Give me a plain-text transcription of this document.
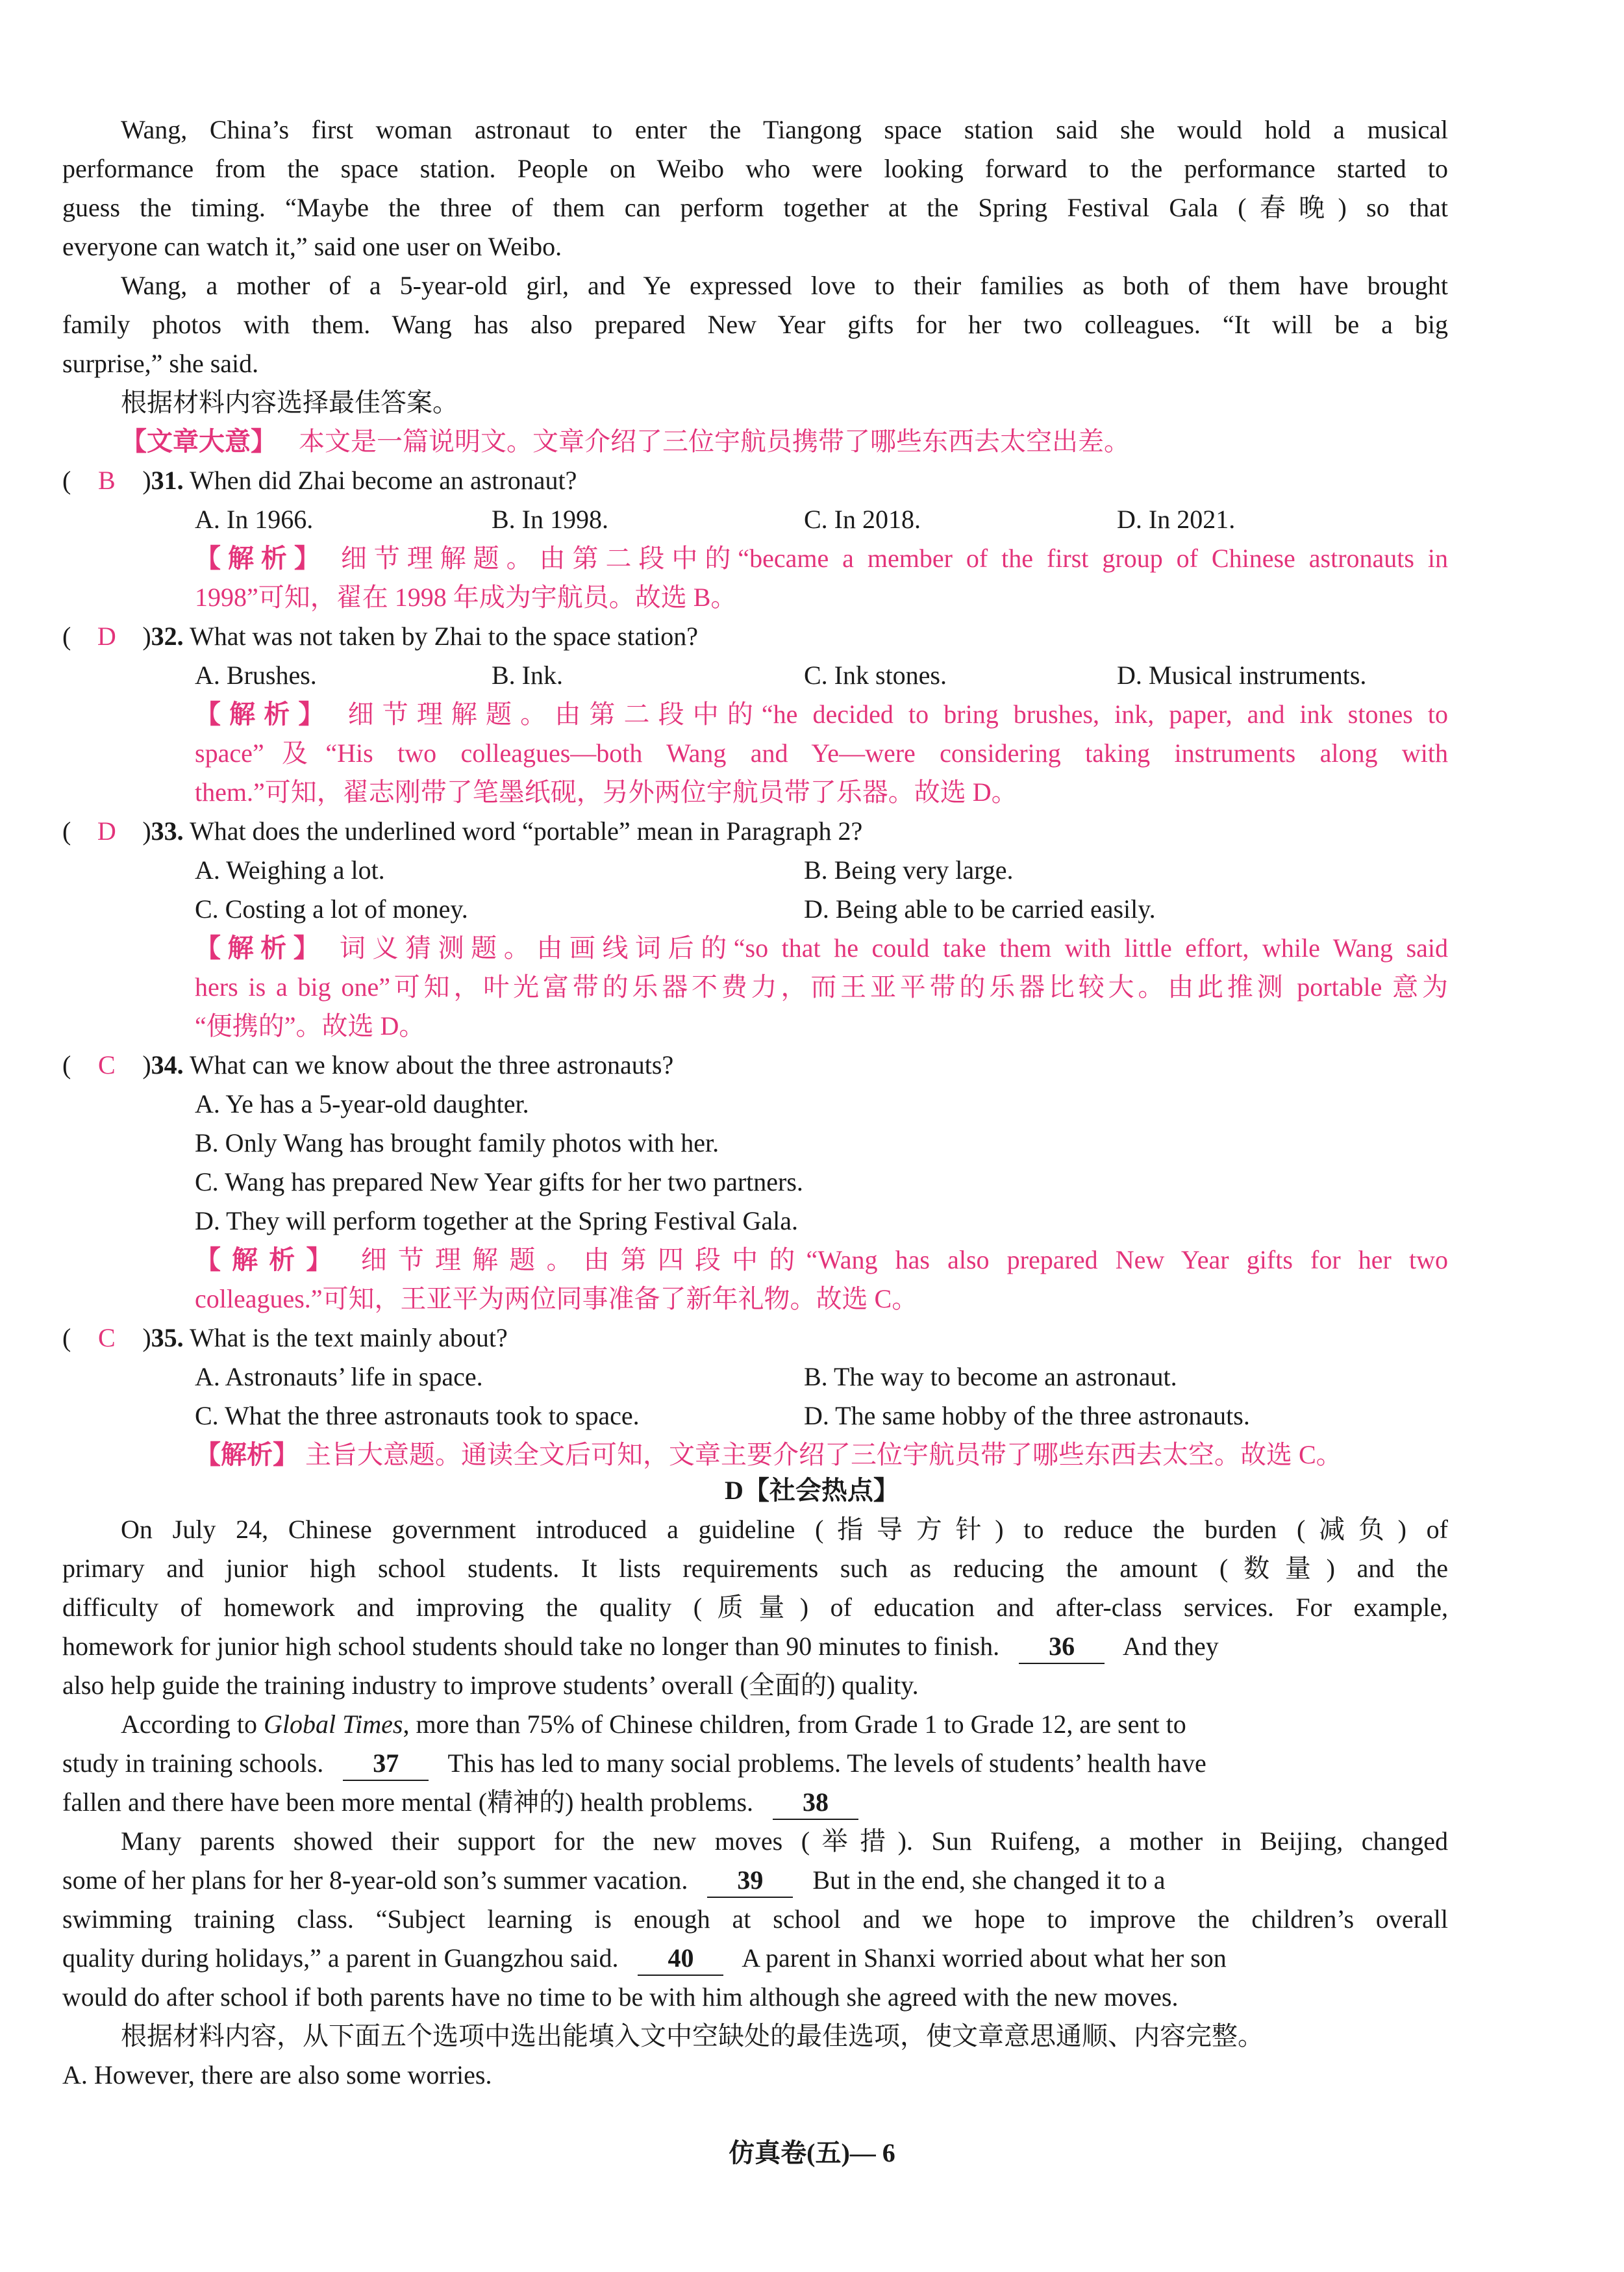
Wang, China’s first woman astronaut to enter the Tiangong space station said she would hold a musical
performance from the space station. People on Weibo who were looking forward to the performance started to
guess the timing. “Maybe the three of them can perform together at the Spring Festival Gala (春晚) so that
everyone can watch it,” said one user on Weibo.
Wang, a mother of a 5-year-old girl, and Ye expressed love to their families as both of them have brought
family photos with them. Wang has also prepared New Year gifts for her two colleagues. “It will be a big
surprise,” she said.
根据材料内容选择最佳答案。
【文章大意】 本文是一篇说明文。文章介绍了三位宇航员携带了哪些东西去太空出差。
( B )31. When did Zhai become an astronaut?
A. In 1966.	B. In 1998.	C. In 2018.	D. In 2021.
【解析】 细节理解题。由第二段中的“became a member of the first group of Chinese astronauts in
1998”可知，翟在 1998 年成为宇航员。故选 B。
( D )32. What was not taken by Zhai to the space station?
A. Brushes.	B. Ink.	C. Ink stones.	D. Musical instruments.
【解析】 细节理解题。由第二段中的“he decided to bring brushes, ink, paper, and ink stones to
space”及“His two colleagues—both Wang and Ye—were considering taking instruments along with
them.”可知，翟志刚带了笔墨纸砚，另外两位宇航员带了乐器。故选 D。
( D )33. What does the underlined word “portable” mean in Paragraph 2?
A. Weighing a lot.	B. Being very large.
C. Costing a lot of money.	D. Being able to be carried easily.
【解析】 词义猜测题。由画线词后的“so that he could take them with little effort, while Wang said
hers is a big one”可知，叶光富带的乐器不费力，而王亚平带的乐器比较大。由此推测 portable 意为
“便携的”。故选 D。
( C )34. What can we know about the three astronauts?
A. Ye has a 5-year-old daughter.
B. Only Wang has brought family photos with her.
C. Wang has prepared New Year gifts for her two partners.
D. They will perform together at the Spring Festival Gala.
【解析】 细节理解题。由第四段中的“Wang has also prepared New Year gifts for her two
colleagues.”可知，王亚平为两位同事准备了新年礼物。故选 C。
( C )35. What is the text mainly about?
A. Astronauts’ life in space.	B. The way to become an astronaut.
C. What the three astronauts took to space.	D. The same hobby of the three astronauts.
【解析】 主旨大意题。通读全文后可知，文章主要介绍了三位宇航员带了哪些东西去太空。故选 C。
D【社会热点】
On July 24, Chinese government introduced a guideline (指导方针) to reduce the burden (减负) of
primary and junior high school students. It lists requirements such as reducing the amount (数量) and the
difficulty of homework and improving the quality (质量) of education and after-class services. For example,
homework for junior high school students should take no longer than 90 minutes to finish. 36 And they
also help guide the training industry to improve students’ overall (全面的) quality.
According to Global Times, more than 75% of Chinese children, from Grade 1 to Grade 12, are sent to
study in training schools. 37 This has led to many social problems. The levels of students’ health have
fallen and there have been more mental (精神的) health problems. 38
Many parents showed their support for the new moves (举措). Sun Ruifeng, a mother in Beijing, changed
some of her plans for her 8-year-old son’s summer vacation. 39 But in the end, she changed it to a
swimming training class. “Subject learning is enough at school and we hope to improve the children’s overall
quality during holidays,” a parent in Guangzhou said. 40 A parent in Shanxi worried about what her son
would do after school if both parents have no time to be with him although she agreed with the new moves.
根据材料内容，从下面五个选项中选出能填入文中空缺处的最佳选项，使文章意思通顺、内容完整。
A. However, there are also some worries.
仿真卷(五)— 6
